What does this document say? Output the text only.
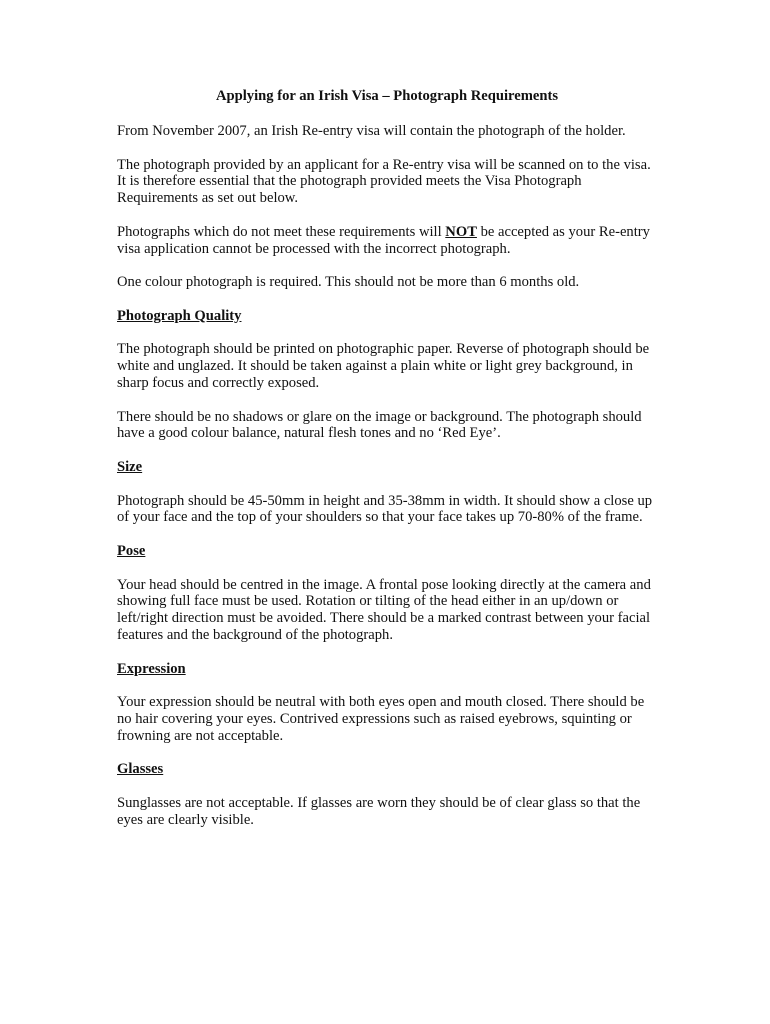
Applying for an Irish Visa – Photograph Requirements

From November 2007, an Irish Re-entry visa will contain the photograph of the holder.

The photograph provided by an applicant for a Re-entry visa will be scanned on to the visa. It is therefore essential that the photograph provided meets the Visa Photograph Requirements as set out below.

Photographs which do not meet these requirements will NOT be accepted as your Re-entry visa application cannot be processed with the incorrect photograph.

One colour photograph is required. This should not be more than 6 months old.

Photograph Quality

The photograph should be printed on photographic paper. Reverse of photograph should be white and unglazed. It should be taken against a plain white or light grey background, in sharp focus and correctly exposed.

There should be no shadows or glare on the image or background. The photograph should have a good colour balance, natural flesh tones and no ‘Red Eye’.

Size

Photograph should be 45-50mm in height and 35-38mm in width. It should show a close up of your face and the top of your shoulders so that your face takes up 70-80% of the frame.

Pose

Your head should be centred in the image. A frontal pose looking directly at the camera and showing full face must be used. Rotation or tilting of the head either in an up/down or left/right direction must be avoided. There should be a marked contrast between your facial features and the background of the photograph.

Expression

Your expression should be neutral with both eyes open and mouth closed. There should be no hair covering your eyes. Contrived expressions such as raised eyebrows, squinting or frowning are not acceptable.

Glasses

Sunglasses are not acceptable. If glasses are worn they should be of clear glass so that the eyes are clearly visible.
